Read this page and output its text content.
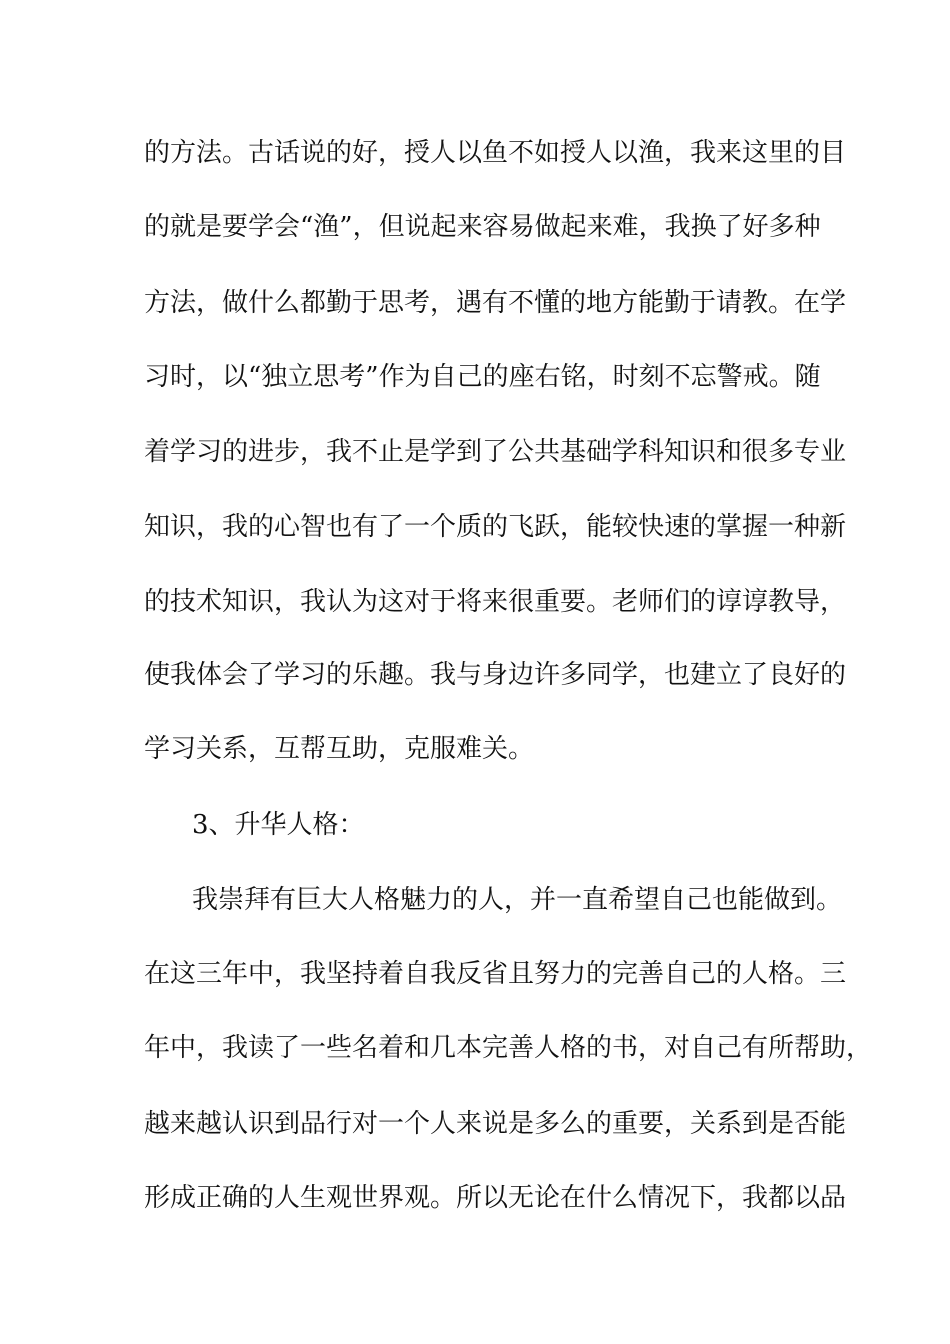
的方法。古话说的好，授人以鱼不如授人以渔，我来这里的目
的就是要学会“渔”，但说起来容易做起来难，我换了好多种
方法，做什么都勤于思考，遇有不懂的地方能勤于请教。在学
习时，以“独立思考”作为自己的座右铭，时刻不忘警戒。随
着学习的进步，我不止是学到了公共基础学科知识和很多专业
知识，我的心智也有了一个质的飞跃，能较快速的掌握一种新
的技术知识，我认为这对于将来很重要。老师们的谆谆教导，
使我体会了学习的乐趣。我与身边许多同学，也建立了良好的
学习关系，互帮互助，克服难关。
3、升华人格：
我崇拜有巨大人格魅力的人，并一直希望自己也能做到。
在这三年中，我坚持着自我反省且努力的完善自己的人格。三
年中，我读了一些名着和几本完善人格的书，对自己有所帮助，
越来越认识到品行对一个人来说是多么的重要，关系到是否能
形成正确的人生观世界观。所以无论在什么情况下，我都以品
